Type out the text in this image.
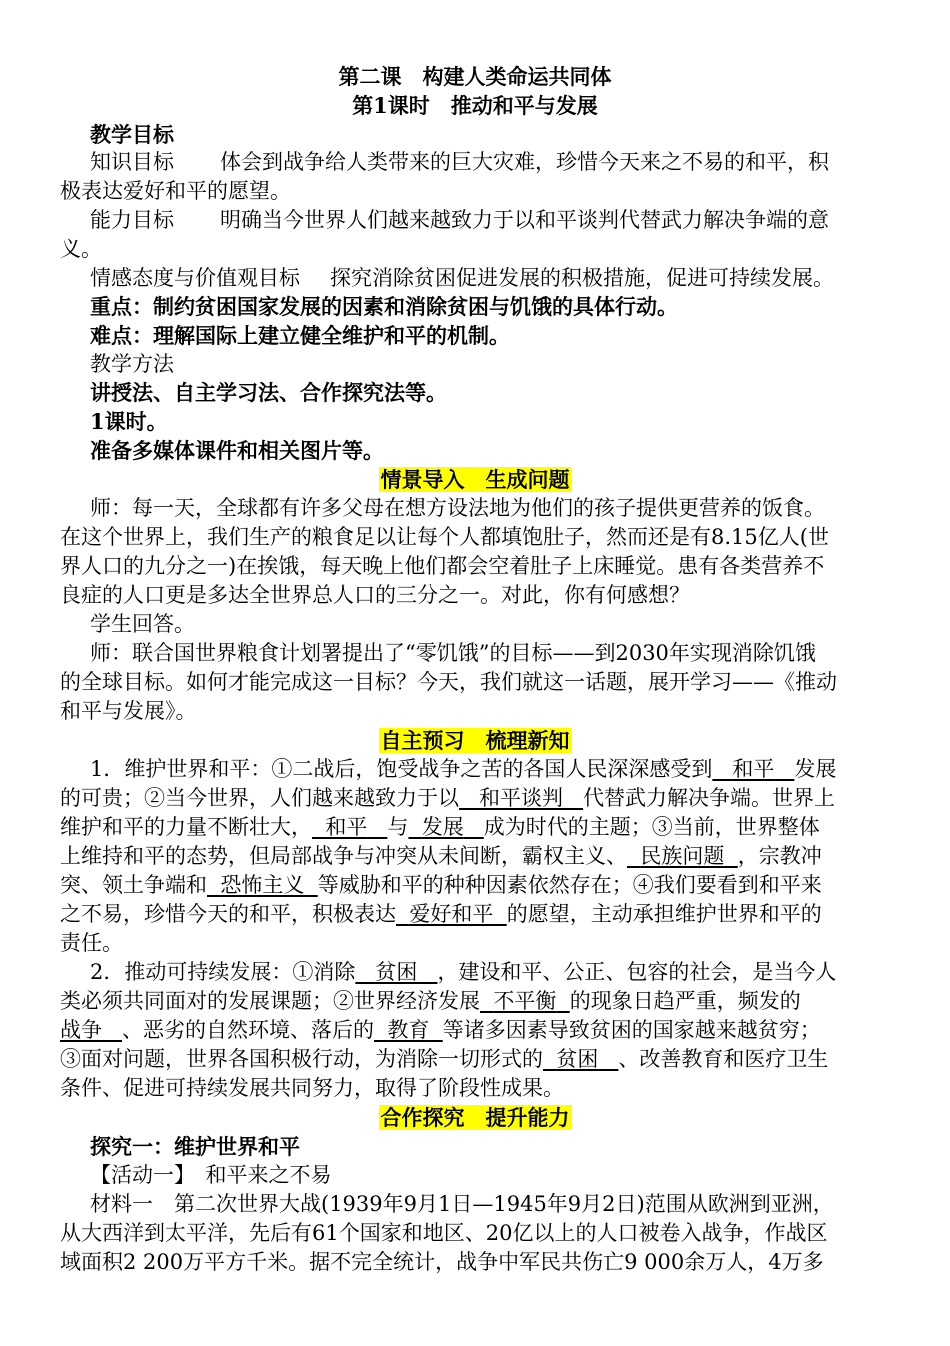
第二课　构建人类命运共同体
第1课时　推动和平与发展
教学目标
知识目标 体会到战争给人类带来的巨大灾难，珍惜今天来之不易的和平，积
极表达爱好和平的愿望。
能力目标 明确当今世界人们越来越致力于以和平谈判代替武力解决争端的意
义。
情感态度与价值观目标 探究消除贫困促进发展的积极措施，促进可持续发展。
重点：制约贫困国家发展的因素和消除贫困与饥饿的具体行动。
难点：理解国际上建立健全维护和平的机制。
教学方法
讲授法、自主学习法、合作探究法等。
1课时。
准备多媒体课件和相关图片等。
情景导入　生成问题
师：每一天，全球都有许多父母在想方设法地为他们的孩子提供更营养的饭食。
在这个世界上，我们生产的粮食足以让每个人都填饱肚子，然而还是有8.15亿人(世
界人口的九分之一)在挨饿，每天晚上他们都会空着肚子上床睡觉。患有各类营养不
良症的人口更是多达全世界总人口的三分之一。对此，你有何感想？
学生回答。
师：联合国世界粮食计划署提出了“零饥饿”的目标——到2030年实现消除饥饿
的全球目标。如何才能完成这一目标？今天，我们就这一话题，展开学习——《推动
和平与发展》。
自主预习　梳理新知
1．维护世界和平：①二战后，饱受战争之苦的各国人民深深感受到 和平 发展
的可贵；②当今世界，人们越来越致力于以 和平谈判 代替武力解决争端。世界上
维护和平的力量不断壮大， 和平 与 发展 成为时代的主题；③当前，世界整体
上维持和平的态势，但局部战争与冲突从未间断，霸权主义、 民族问题 ，宗教冲
突、领土争端和 恐怖主义 等威胁和平的种种因素依然存在；④我们要看到和平来
之不易，珍惜今天的和平，积极表达 爱好和平 的愿望，主动承担维护世界和平的
责任。
2．推动可持续发展：①消除 贫困 ，建设和平、公正、包容的社会，是当今人
类必须共同面对的发展课题；②世界经济发展 不平衡 的现象日趋严重，频发的
战争 、恶劣的自然环境、落后的 教育 等诸多因素导致贫困的国家越来越贫穷；
③面对问题，世界各国积极行动，为消除一切形式的 贫困 、改善教育和医疗卫生
条件、促进可持续发展共同努力，取得了阶段性成果。
合作探究　提升能力
探究一：维护世界和平
【活动一】　和平来之不易
材料一　第二次世界大战(1939年9月1日—1945年9月2日)范围从欧洲到亚洲，
从大西洋到太平洋，先后有61个国家和地区、20亿以上的人口被卷入战争，作战区
域面积2 200万平方千米。据不完全统计，战争中军民共伤亡9 000余万人，4万多
